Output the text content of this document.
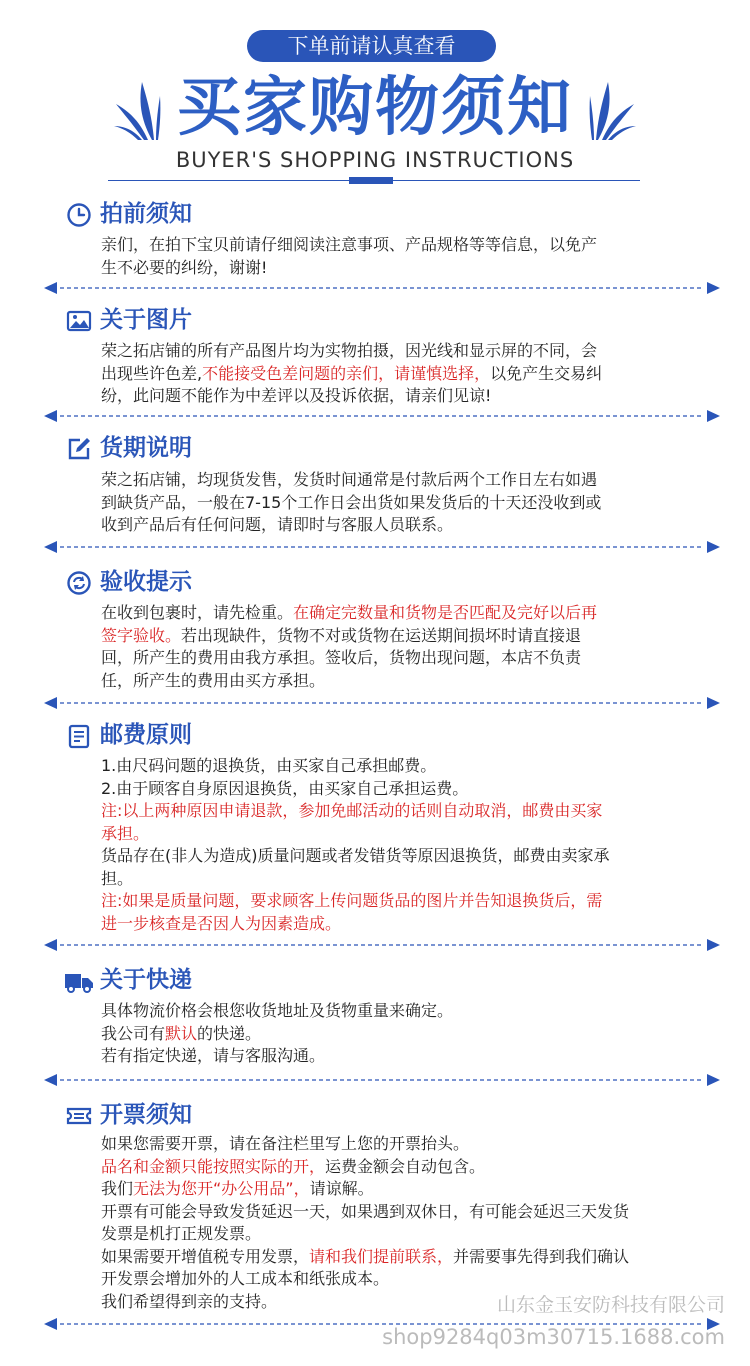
下单前请认真查看
买家购物须知
BUYER'S SHOPPING INSTRUCTIONS
拍前须知
亲们，在拍下宝贝前请仔细阅读注意事项、产品规格等等信息，以免产
生不必要的纠纷，谢谢!
关于图片
荣之拓店铺的所有产品图片均为实物拍摄，因光线和显示屏的不同，会
出现些许色差,不能接受色差问题的亲们，请谨慎选择，以免产生交易纠
纷，此问题不能作为中差评以及投诉依据，请亲们见谅!
货期说明
荣之拓店铺，均现货发售，发货时间通常是付款后两个工作日左右如遇
到缺货产品，一般在7-15个工作日会出货如果发货后的十天还没收到或
收到产品后有任何问题，请即时与客服人员联系。
验收提示
在收到包裹时，请先检重。在确定完数量和货物是否匹配及完好以后再
签字验收。若出现缺件，货物不对或货物在运送期间损坏时请直接退
回，所产生的费用由我方承担。签收后，货物出现问题，本店不负责
任，所产生的费用由买方承担。
邮费原则
1.由尺码问题的退换货，由买家自己承担邮费。
2.由于顾客自身原因退换货，由买家自己承担运费。
注:以上两种原因申请退款，参加免邮活动的话则自动取消，邮费由买家
承担。
货品存在(非人为造成)质量问题或者发错货等原因退换货，邮费由卖家承
担。
注:如果是质量问题，要求顾客上传问题货品的图片并告知退换货后，需
进一步核查是否因人为因素造成。
关于快递
具体物流价格会根您收货地址及货物重量来确定。
我公司有默认的快递。
若有指定快递，请与客服沟通。
开票须知
如果您需要开票，请在备注栏里写上您的开票抬头。
品名和金额只能按照实际的开，运费金额会自动包含。
我们无法为您开“办公用品”，请谅解。
开票有可能会导致发货延迟一天，如果遇到双休日，有可能会延迟三天发货
发票是机打正规发票。
如果需要开增值税专用发票，请和我们提前联系，并需要事先得到我们确认
开发票会增加外的人工成本和纸张成本。
我们希望得到亲的支持。	山东金玉安防科技有限公司
shop9284q03m30715.1688.com
